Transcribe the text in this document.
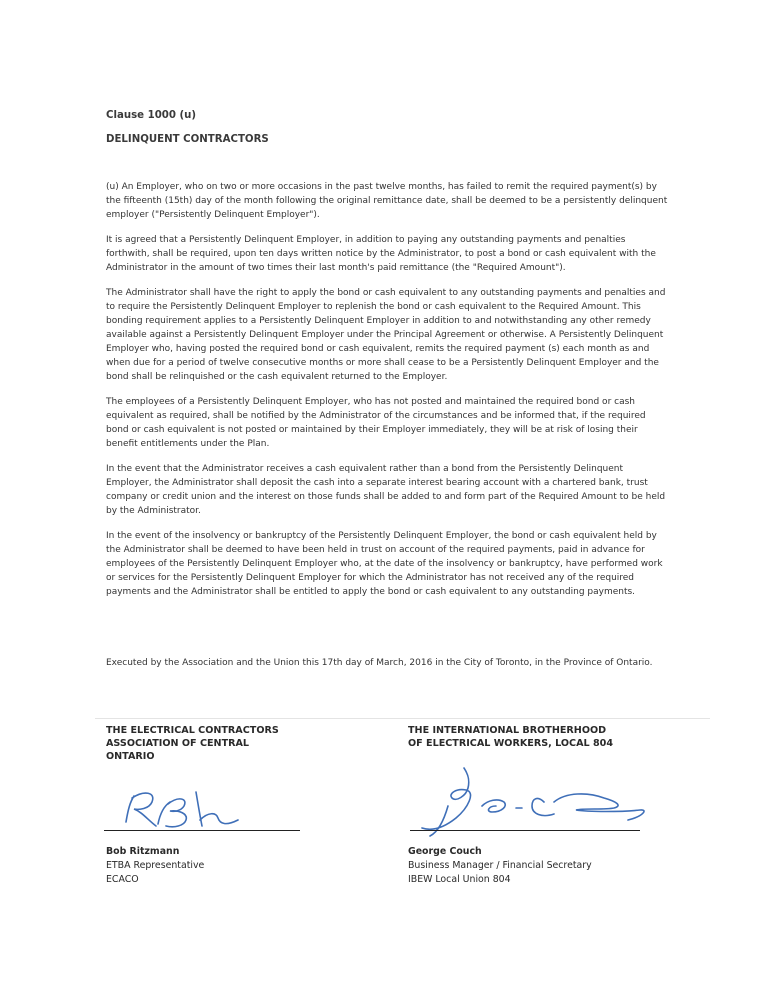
Clause 1000 (u)
DELINQUENT CONTRACTORS

(u) An Employer, who on two or more occasions in the past twelve months, has failed to remit the required payment(s) by the fifteenth (15th) day of the month following the original remittance date, shall be deemed to be a persistently delinquent employer ("Persistently Delinquent Employer").

It is agreed that a Persistently Delinquent Employer, in addition to paying any outstanding payments and penalties forthwith, shall be required, upon ten days written notice by the Administrator, to post a bond or cash equivalent with the Administrator in the amount of two times their last month's paid remittance (the "Required Amount").

The Administrator shall have the right to apply the bond or cash equivalent to any outstanding payments and penalties and to require the Persistently Delinquent Employer to replenish the bond or cash equivalent to the Required Amount. This bonding requirement applies to a Persistently Delinquent Employer in addition to and notwithstanding any other remedy available against a Persistently Delinquent Employer under the Principal Agreement or otherwise. A Persistently Delinquent Employer who, having posted the required bond or cash equivalent, remits the required payment (s) each month as and when due for a period of twelve consecutive months or more shall cease to be a Persistently Delinquent Employer and the bond shall be relinquished or the cash equivalent returned to the Employer.

The employees of a Persistently Delinquent Employer, who has not posted and maintained the required bond or cash equivalent as required, shall be notified by the Administrator of the circumstances and be informed that, if the required bond or cash equivalent is not posted or maintained by their Employer immediately, they will be at risk of losing their benefit entitlements under the Plan.

In the event that the Administrator receives a cash equivalent rather than a bond from the Persistently Delinquent Employer, the Administrator shall deposit the cash into a separate interest bearing account with a chartered bank, trust company or credit union and the interest on those funds shall be added to and form part of the Required Amount to be held by the Administrator.

In the event of the insolvency or bankruptcy of the Persistently Delinquent Employer, the bond or cash equivalent held by the Administrator shall be deemed to have been held in trust on account of the required payments, paid in advance for employees of the Persistently Delinquent Employer who, at the date of the insolvency or bankruptcy, have performed work or services for the Persistently Delinquent Employer for which the Administrator has not received any of the required payments and the Administrator shall be entitled to apply the bond or cash equivalent to any outstanding payments.

Executed by the Association and the Union this 17th day of March, 2016 in the City of Toronto, in the Province of Ontario.
THE ELECTRICAL CONTRACTORS
ASSOCIATION OF CENTRAL
ONTARIO
THE INTERNATIONAL BROTHERHOOD
OF ELECTRICAL WORKERS, LOCAL 804
Bob Ritzmann
ETBA Representative
ECACO
George Couch
Business Manager / Financial Secretary
IBEW Local Union 804
